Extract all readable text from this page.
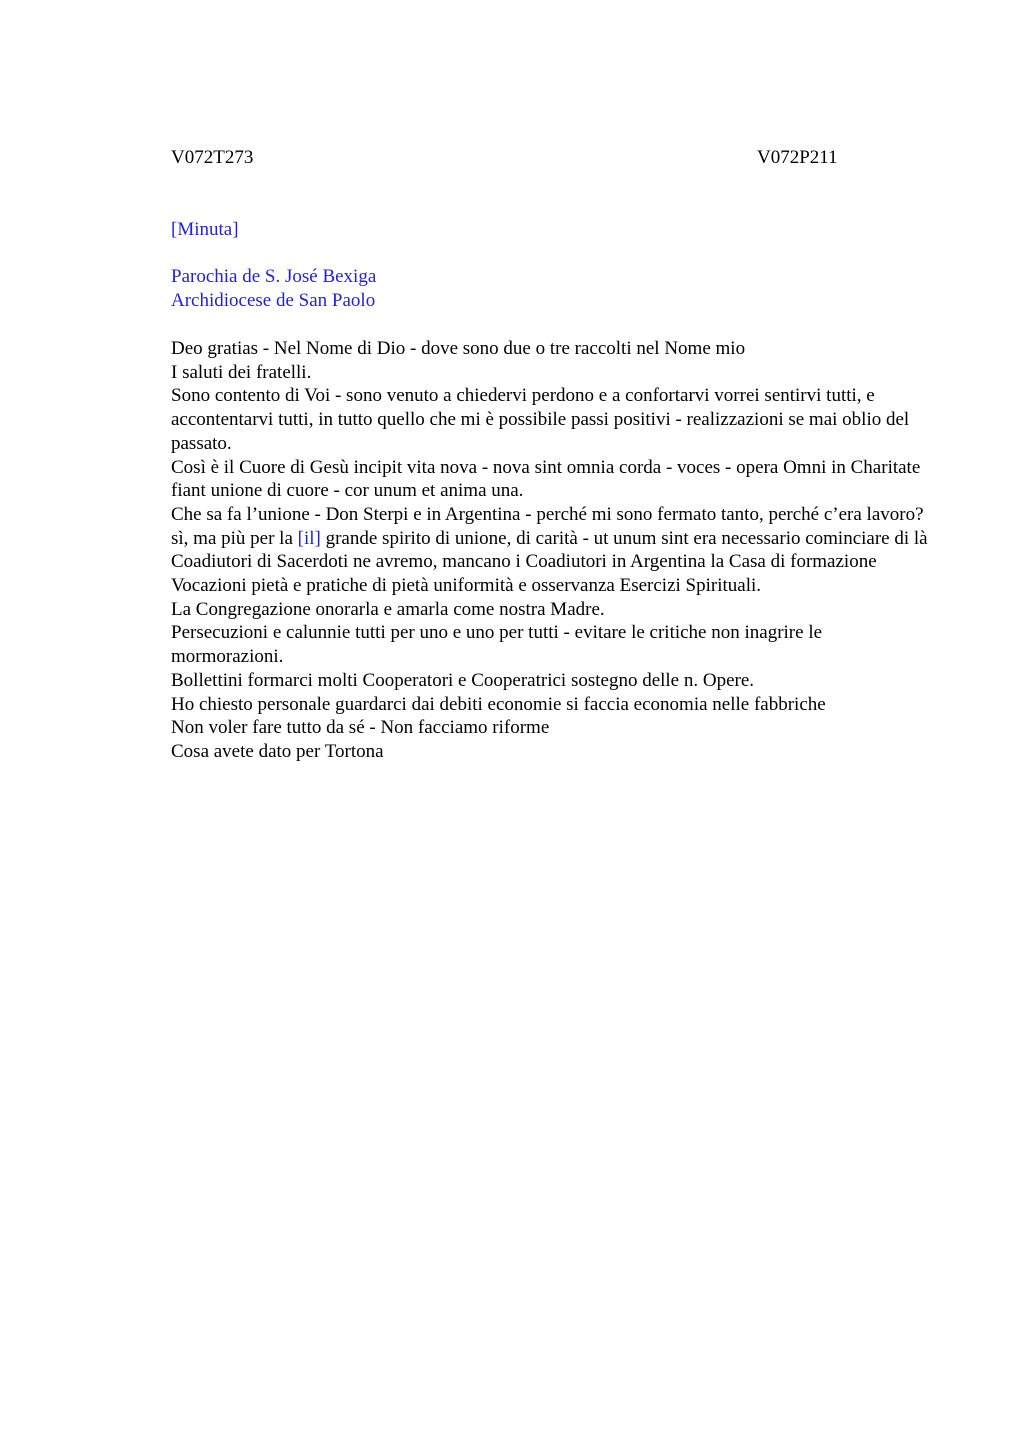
V072T273	V072P211
[Minuta]
Parochia de S. José Bexiga
Archidiocese de San Paolo

Deo gratias - Nel Nome di Dio - dove sono due o tre raccolti nel Nome mio

I saluti dei fratelli.

Sono contento di Voi - sono venuto a chiedervi perdono e a confortarvi vorrei sentirvi tutti, e accontentarvi tutti, in tutto quello che mi è possibile passi positivi - realizzazioni se mai oblio del passato.

Così è il Cuore di Gesù incipit vita nova - nova sint omnia corda - voces - opera Omni in Charitate fiant unione di cuore - cor unum et anima una.

Che sa fa l’unione - Don Sterpi e in Argentina - perché mi sono fermato tanto, perché c’era lavoro? sì, ma più per la [il] grande spirito di unione, di carità - ut unum sint era necessario cominciare di là Coadiutori di Sacerdoti ne avremo, mancano i Coadiutori in Argentina la Casa di formazione Vocazioni pietà e pratiche di pietà uniformità e osservanza Esercizi Spirituali.

La Congregazione onorarla e amarla come nostra Madre.

Persecuzioni e calunnie tutti per uno e uno per tutti - evitare le critiche non inagrire le mormorazioni.

Bollettini formarci molti Cooperatori e Cooperatrici sostegno delle n. Opere.

Ho chiesto personale guardarci dai debiti economie si faccia economia nelle fabbriche

Non voler fare tutto da sé - Non facciamo riforme

Cosa avete dato per Tortona
